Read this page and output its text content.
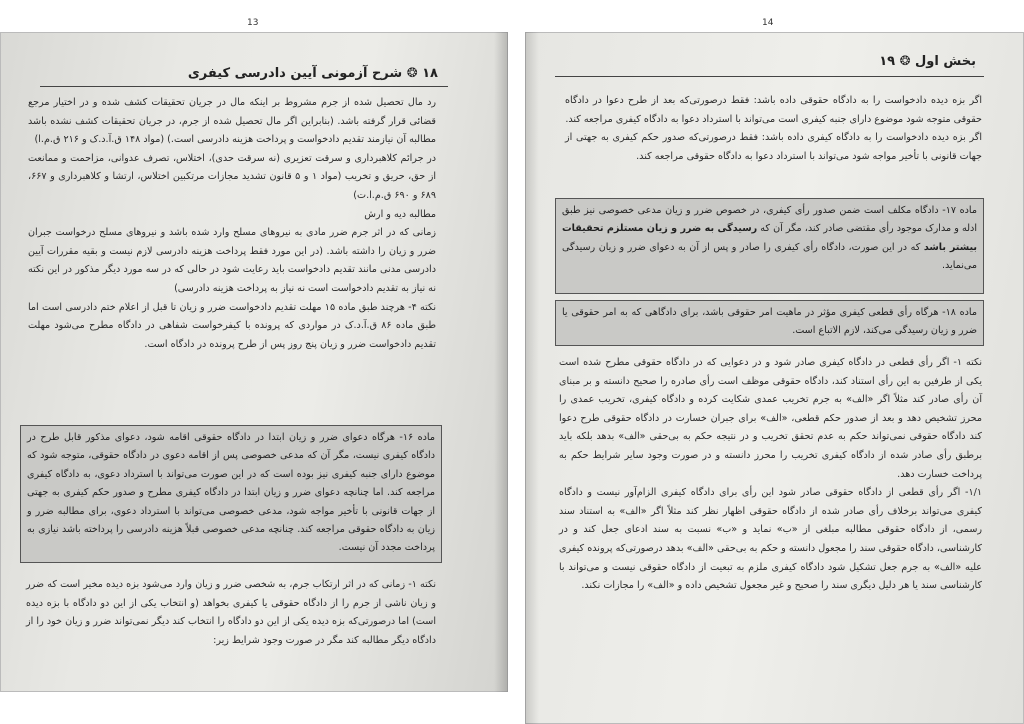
13
۱۸ ❂ شرح آزمونی آیین دادرسی کیفری

رد مال تحصیل شده از جرم مشروط بر اینکه مال در جریان تحقیقات کشف شده و در اختیار مرجع قضائی قرار گرفته باشد. (بنابراین اگر مال تحصیل شده از جرم، در جریان تحقیقات کشف نشده باشد مطالبه آن نیازمند تقدیم دادخواست و پرداخت هزینه دادرسی است.) (مواد ۱۴۸ ق.آ.د.ک و ۲۱۶ ق.م.ا)

در جرائم کلاهبرداری و سرقت تعزیری (نه سرقت حدی)، اختلاس، تصرف عدوانی، مزاحمت و ممانعت از حق، حریق و تخریب (مواد ۱ و ۵ قانون تشدید مجازات مرتکبین اختلاس، ارتشا و کلاهبرداری و ۶۶۷، ۶۸۹ و ۶۹۰ ق.م.ا.ت)

مطالبه دیه و ارش

زمانی که در اثر جرم ضرر مادی به نیروهای مسلح وارد شده باشد و نیروهای مسلح درخواست جبران ضرر و زیان را داشته باشد. (در این مورد فقط پرداخت هزینه دادرسی لازم نیست و بقیه مقررات آیین دادرسی مدنی مانند تقدیم دادخواست باید رعایت شود در حالی که در سه مورد دیگر مذکور در این نکته نه نیاز به تقدیم دادخواست است نه نیاز به پرداخت هزینه دادرسی)

نکته ۴- هرچند طبق ماده ۱۵ مهلت تقدیم دادخواست ضرر و زیان تا قبل از اعلام ختم دادرسی است اما طبق ماده ۸۶ ق.آ.د.ک در مواردی که پرونده با کیفرخواست شفاهی در دادگاه مطرح می‌شود مهلت تقدیم دادخواست ضرر و زیان پنج روز پس از طرح پرونده در دادگاه است.

ماده ۱۶- هرگاه دعوای ضرر و زیان ابتدا در دادگاه حقوقی اقامه شود، دعوای مذکور قابل طرح در دادگاه کیفری نیست، مگر آن که مدعی خصوصی پس از اقامه دعوی در دادگاه حقوقی، متوجه شود که موضوع دارای جنبه کیفری نیز بوده است که در این صورت می‌تواند با استرداد دعوی، به دادگاه کیفری مراجعه کند. اما چنانچه دعوای ضرر و زیان ابتدا در دادگاه کیفری مطرح و صدور حکم کیفری به جهتی از جهات قانونی با تأخیر مواجه شود، مدعی خصوصی می‌تواند با استرداد دعوی، برای مطالبه ضرر و زیان به دادگاه حقوقی مراجعه کند. چنانچه مدعی خصوصی قبلاً هزینه دادرسی را پرداخته باشد نیازی به پرداخت مجدد آن نیست.
نکته ۱- زمانی که در اثر ارتکاب جرم، به شخصی ضرر و زیان وارد می‌شود بزه دیده مخیر است که ضرر و زیان ناشی از جرم را از دادگاه حقوقی یا کیفری بخواهد (و انتخاب یکی از این دو دادگاه با بزه دیده است) اما درصورتی‌که بزه دیده یکی از این دو دادگاه را انتخاب کند دیگر نمی‌تواند ضرر و زیان خود را از دادگاه دیگر مطالبه کند مگر در صورت وجود شرایط زیر:
14
بخش اول ❂ ۱۹

اگر بزه دیده دادخواست را به دادگاه حقوقی داده باشد: فقط درصورتی‌که بعد از طرح دعوا در دادگاه حقوقی متوجه شود موضوع دارای جنبه کیفری است می‌تواند با استرداد دعوا به دادگاه کیفری مراجعه کند.

اگر بزه دیده دادخواست را به دادگاه کیفری داده باشد: فقط درصورتی‌که صدور حکم کیفری به جهتی از جهات قانونی با تأخیر مواجه شود می‌تواند با استرداد دعوا به دادگاه حقوقی مراجعه کند.

ماده ۱۷- دادگاه مکلف است ضمن صدور رأی کیفری، در خصوص ضرر و زیان مدعی خصوصی نیز طبق ادله و مدارک موجود رأی مقتضی صادر کند، مگر آن که رسیدگی به ضرر و زیان مستلزم تحقیقات بیشتر باشد که در این صورت، دادگاه رأی کیفری را صادر و پس از آن به دعوای ضرر و زیان رسیدگی می‌نماید.
ماده ۱۸- هرگاه رأی قطعی کیفری مؤثر در ماهیت امر حقوقی باشد، برای دادگاهی که به امر حقوقی یا ضرر و زیان رسیدگی می‌کند، لازم الاتباع است.

نکته ۱- اگر رأی قطعی در دادگاه کیفری صادر شود و در دعوایی که در دادگاه حقوقی مطرح شده است یکی از طرفین به این رأی استناد کند، دادگاه حقوقی موظف است رأی صادره را صحیح دانسته و بر مبنای آن رأی صادر کند مثلاً اگر «الف» به جرم تخریب عمدی شکایت کرده و دادگاه کیفری، تخریب عمدی را محرز تشخیص دهد و بعد از صدور حکم قطعی، «الف» برای جبران خسارت در دادگاه حقوقی طرح دعوا کند دادگاه حقوقی نمی‌تواند حکم به عدم تحقق تخریب و در نتیجه حکم به بی‌حقی «الف» بدهد بلکه باید برطبق رأی صادر شده از دادگاه کیفری تخریب را محرز دانسته و در صورت وجود سایر شرایط حکم به پرداخت خسارت دهد.

۱/۱- اگر رأی قطعی از دادگاه حقوقی صادر شود این رأی برای دادگاه کیفری الزام‌آور نیست و دادگاه کیفری می‌تواند برخلاف رأی صادر شده از دادگاه حقوقی اظهار نظر کند مثلاً اگر «الف» به استناد سند رسمی، از دادگاه حقوقی مطالبه مبلغی از «ب» نماید و «ب» نسبت به سند ادعای جعل کند و در کارشناسی، دادگاه حقوقی سند را مجعول دانسته و حکم به بی‌حقی «الف» بدهد درصورتی‌که پرونده کیفری علیه «الف» به جرم جعل تشکیل شود دادگاه کیفری ملزم به تبعیت از دادگاه حقوقی نیست و می‌تواند با کارشناسی سند یا هر دلیل دیگری سند را صحیح و غیر مجعول تشخیص داده و «الف» را مجازات نکند.
